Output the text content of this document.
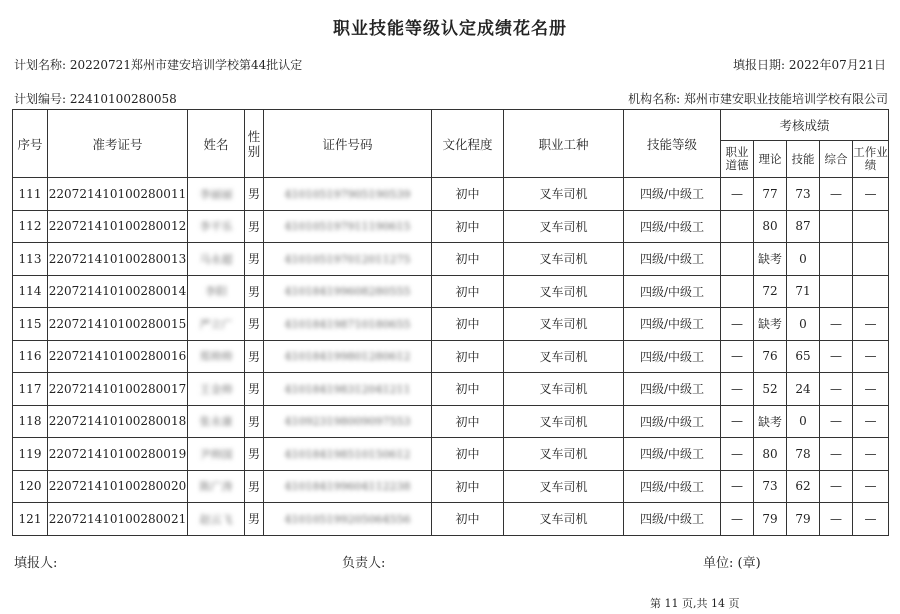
职业技能等级认定成绩花名册
计划名称: 20220721郑州市建安培训学校第44批认定	填报日期: 2022年07月21日
计划编号: 22410100280058	机构名称: 郑州市建安职业技能培训学校有限公司
序号	准考证号	姓名	性别	证件号码	文化程度	职业工种	技能等级	考核成绩				
								职业道德	理论	技能	综合	工作业绩
111	220721410100280011	李丽丽	男	410105197905190539	初中	叉车司机	四级/中级工	—	77	73	—	—
112	220721410100280012	李平乐	男	410105197911190615	初中	叉车司机	四级/中级工		80	87		
113	220721410100280013	马永超	男	410105197012011275	初中	叉车司机	四级/中级工		缺考	0		
114	220721410100280014	李阳	男	410184199608280555	初中	叉车司机	四级/中级工		72	71		
115	220721410100280015	严立广	男	410184198710180655	初中	叉车司机	四级/中级工	—	缺考	0	—	—
116	220721410100280016	郑帅帅	男	410184199801280612	初中	叉车司机	四级/中级工	—	76	65	—	—
117	220721410100280017	王金帅	男	410184198312041211	初中	叉车司机	四级/中级工	—	52	24	—	—
118	220721410100280018	张永康	男	410923198009097553	初中	叉车司机	四级/中级工	—	缺考	0	—	—
119	220721410100280019	尹帅国	男	410184198510150612	初中	叉车司机	四级/中级工	—	80	78	—	—
120	220721410100280020	陈广涛	男	410184199604112238	初中	叉车司机	四级/中级工	—	73	62	—	—
121	220721410100280021	赵云飞	男	410105199205064556	初中	叉车司机	四级/中级工	—	79	79	—	—
填报人:	负责人:	单位: (章)
第 11 页,共 14 页
